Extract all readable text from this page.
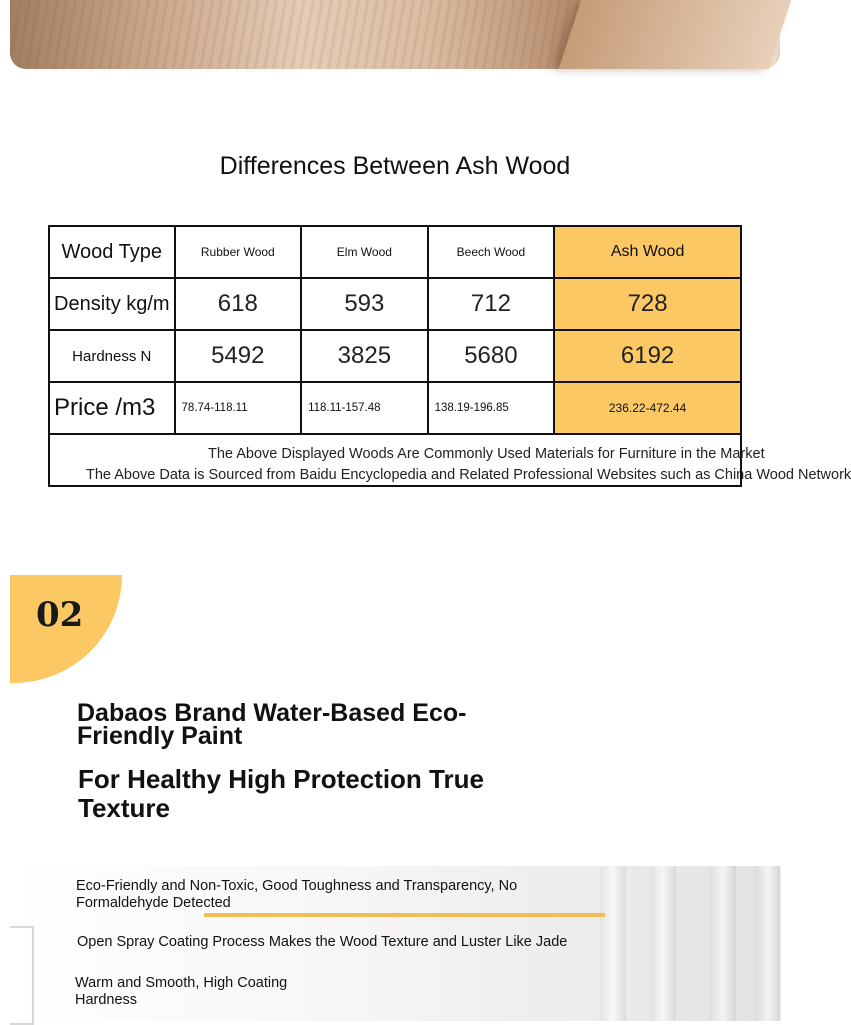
Differences Between Ash Wood
Wood Type	Rubber Wood	Elm Wood	Beech Wood	Ash Wood
Density kg/m	618	593	712	728
Hardness N	5492	3825	5680	6192
Price /m3	78.74-118.11	118.11-157.48	138.19-196.85	236.22-472.44

The Above Displayed Woods Are Commonly Used Materials for Furniture in the Market
The Above Data is Sourced from Baidu Encyclopedia and Related Professional Websites such as China Wood Network				
02
Dabaos Brand Water-Based Eco-Friendly Paint
For Healthy High Protection True Texture
Eco-Friendly and Non-Toxic, Good Toughness and Transparency, No Formaldehyde Detected
Open Spray Coating Process Makes the Wood Texture and Luster Like Jade
Warm and Smooth, High Coating Hardness
